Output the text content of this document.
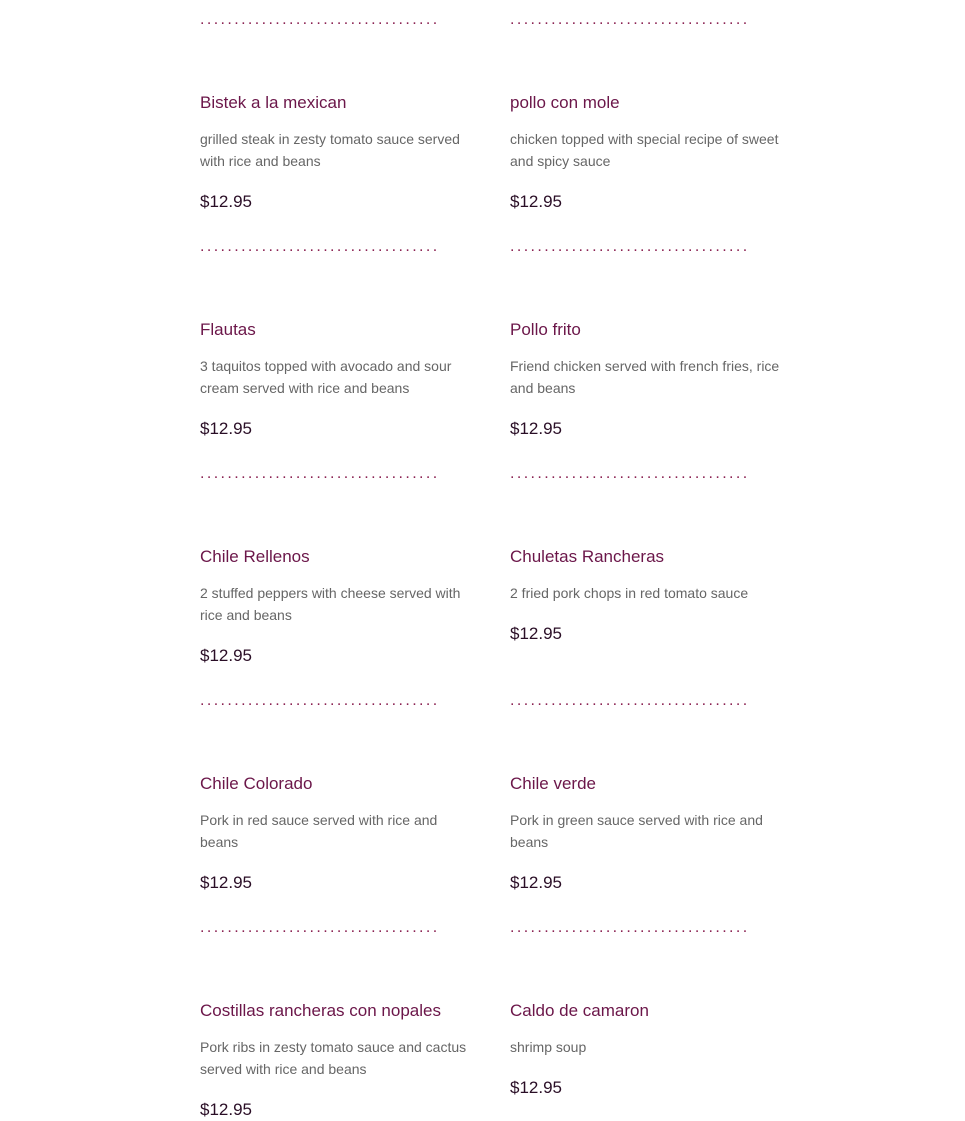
...................................
Bistek a la mexican
grilled steak in zesty tomato sauce served with rice and beans
$12.95
...................................
pollo con mole
chicken topped with special recipe of sweet and spicy sauce
$12.95
...................................
Flautas
3 taquitos topped with avocado and sour cream served with rice and beans
$12.95
...................................
Pollo frito
Friend chicken served with french fries, rice and beans
$12.95
...................................
Chile Rellenos
2 stuffed peppers with cheese served with rice and beans
$12.95
...................................
Chuletas Rancheras
2 fried pork chops in red tomato sauce
$12.95
...................................
Chile Colorado
Pork in red sauce served with rice and beans
$12.95
...................................
Chile verde
Pork in green sauce served with rice and beans
$12.95
...................................
Costillas rancheras con nopales
Pork ribs in zesty tomato sauce and cactus served with rice and beans
$12.95
...................................
Caldo de camaron
shrimp soup
$12.95
